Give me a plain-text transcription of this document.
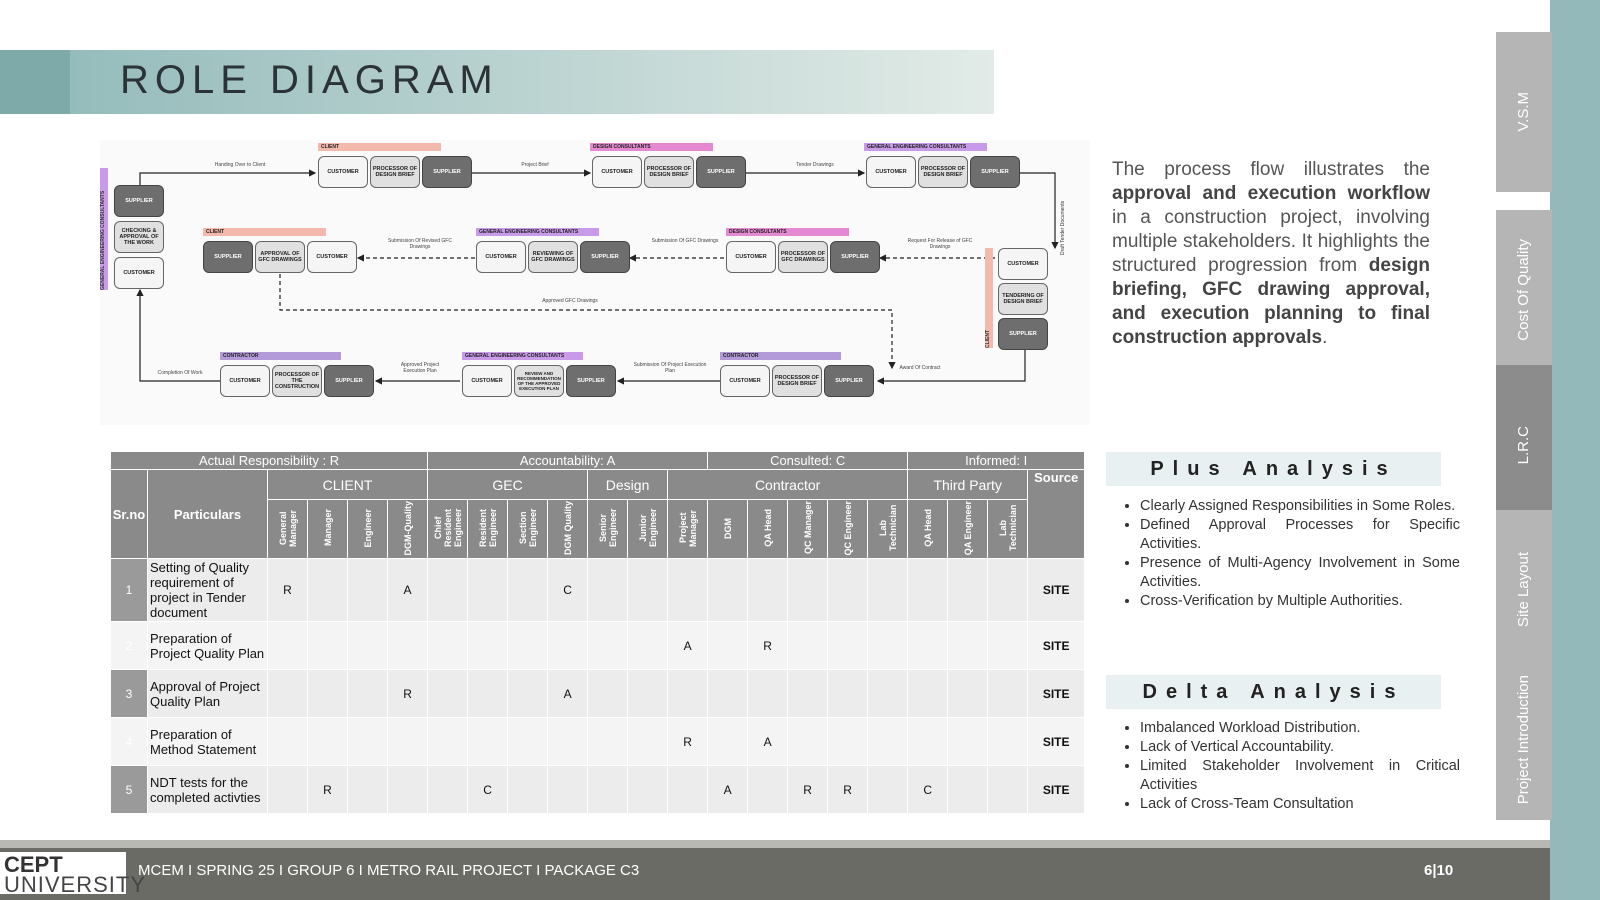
ROLE DIAGRAM
CLIENT	DESIGN CONSULTANTS	GENERAL ENGINEERING CONSULTANTS
CUSTOMER	PROCESSOR OF DESIGN BRIEF	SUPPLIER	CUSTOMER	PROCESSOR OF DESIGN BRIEF	SUPPLIER	CUSTOMER	PROCESSOR OF DESIGN BRIEF	SUPPLIER
Handing Over to Client	Project Brief	Tender Drawings
CLIENT	GENERAL ENGINEERING CONSULTANTS	DESIGN CONSULTANTS
SUPPLIER	APPROVAL OF GFC DRAWINGS	CUSTOMER	CUSTOMER	REVIEWING OF GFC DRAWINGS	SUPPLIER	CUSTOMER	PROCESSOR OF GFC DRAWINGS	SUPPLIER
Submission Of Revised GFC Drawings
Submission Of GFC Drawings	Request For Release of GFC Drawings
Approved GFC Drawings
CONTRACTOR	GENERAL ENGINEERING CONSULTANTS	CONTRACTOR
CUSTOMER
PROCESSOR OF THE CONSTRUCTION
SUPPLIER	CUSTOMER
REVIEW AND RECOMMENDATION OF THE APPROVED EXECUTION PLAN
SUPPLIER	CUSTOMER	PROCESSOR OF DESIGN BRIEF	SUPPLIER
Completion Of Work
Approved Project Execution Plan
Submission Of Project Execution Plan	Award Of Contract
GENERAL ENGINEERING CONSULTANTS	SUPPLIER
CHECKING & APPROVAL OF THE WORK
CUSTOMER
CLIENT
Draft Tender Documents
CUSTOMER
TENDERING OF DESIGN BRIEF
SUPPLIER
The process flow illustrates the approval and execution workflow in a construction project, involving multiple stakeholders. It highlights the structured progression from design briefing, GFC drawing approval, and execution planning to final construction approvals.
Actual Responsibility : R						Accountability: A							Consulted: C					Informed: I			
Sr.no	Particulars	CLIENT				GEC				Design		Contractor						Third Party			Source
		General Manager	Manager	Engineer	DGM-Quality	Chief Resident Engineer	Resident Engineer	Section Engineer	DGM Quality	Senior Engineer	Junior Engineer	Project Manager	DGM	QA Head	QC Manager	QC Engineer	Lab Technician	QA Head	QA Engineer	Lab Technician	
1	Setting of Quality requirement of project in Tender document	R			A				C												SITE
2	Preparation of Project Quality Plan											A		R							SITE
3	Approval of Project Quality Plan				R				A												SITE
4	Preparation of Method Statement											R		A							SITE
5	NDT tests for the completed activties		R				C						A		R	R		C			SITE
Plus Analysis
• Clearly Assigned Responsibilities in Some Roles.
• Defined Approval Processes for Specific Activities.
• Presence of Multi-Agency Involvement in Some Activities.
• Cross-Verification by Multiple Authorities.
Delta Analysis
• Imbalanced Workload Distribution.
• Lack of Vertical Accountability.
• Limited Stakeholder Involvement in Critical Activities
• Lack of Cross-Team Consultation
V.S.M
Cost Of Quality
L.R.C
Site Layout
Project Introduction
CEPT
UNIVERSITY
MCEM I SPRING 25 I GROUP 6 I METRO RAIL PROJECT I PACKAGE C3	6|10
